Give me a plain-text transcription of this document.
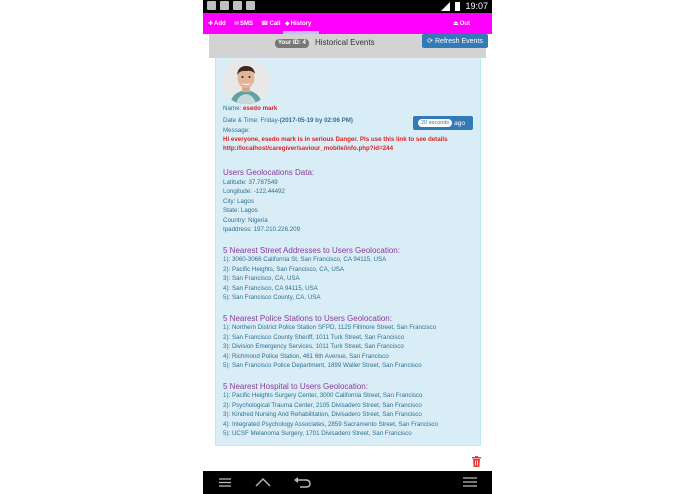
19:07
✚ Add ✉ SMS ☎ Call ◆ History	⏏ Out
Your ID: 4	Historical Events	⟳ Refresh Events
Name: esedo mark
Date & Time: Friday-(2017-05-19 by 02:06 PM)	20 seconds ago
Message:
Hi everyone, esedo mark is in serious Danger. Pls use this link to see details
http://localhost/caregiver/saviour_mobile/info.php?id=244
Users Geolocations Data:
Latitude: 37.787549
Longitude: -122.44492
City: Lagos
State: Lagos
Country: Nigeria
Ipaddress: 197.210.226.209
5 Nearest Street Addresses to Users Geolocation:
1): 3060-3066 California St, San Francisco, CA 94115, USA
2): Pacific Heights, San Francisco, CA, USA
3): San Francisco, CA, USA
4): San Francisco, CA 94115, USA
5): San Francisco County, CA, USA
5 Nearest Police Stations to Users Geolocation:
1): Northern District Police Station SFPD, 1125 Fillmore Street, San Francisco
2): San Francisco County Sheriff, 1011 Turk Street, San Francisco
3): Division Emergency Services, 1011 Turk Street, San Francisco
4): Richmond Police Station, 461 6th Avenue, San Francisco
5): San Francisco Police Department, 1899 Waller Street, San Francisco
5 Nearest Hospital to Users Geolocation:
1): Pacific Heights Surgery Center, 3000 California Street, San Francisco
2): Psychological Trauma Center, 2105 Divisadero Street, San Francisco
3): Kindred Nursing And Rehabilitation, Divisadero Street, San Francisco
4): Integrated Psychology Associates, 2859 Sacramento Street, San Francisco
5): UCSF Melanoma Surgery, 1701 Divisadero Street, San Francisco
